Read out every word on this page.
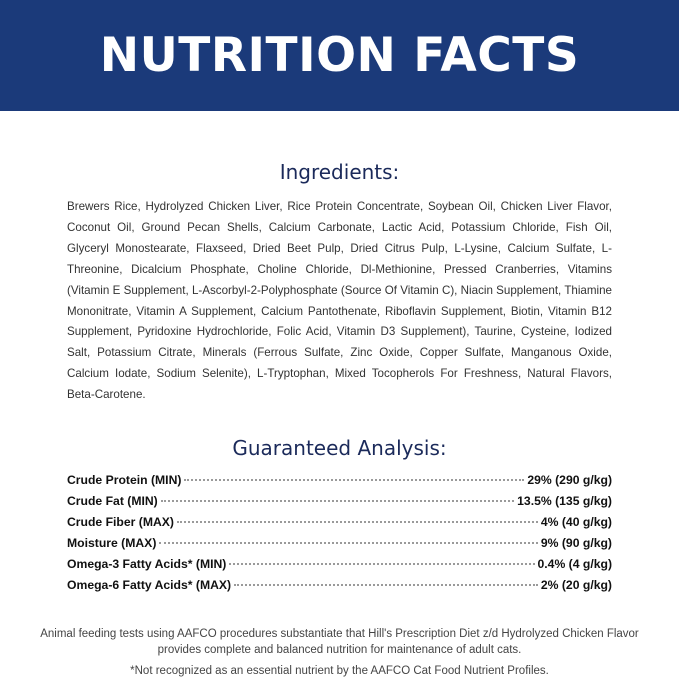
NUTRITION FACTS
Ingredients:

Brewers Rice, Hydrolyzed Chicken Liver, Rice Protein Concentrate, Soybean Oil, Chicken Liver Flavor, Coconut Oil, Ground Pecan Shells, Calcium Carbonate, Lactic Acid, Potassium Chloride, Fish Oil, Glyceryl Monostearate, Flaxseed, Dried Beet Pulp, Dried Citrus Pulp, L-Lysine, Calcium Sulfate, L-Threonine, Dicalcium Phosphate, Choline Chloride, Dl-Methionine, Pressed Cranberries, Vitamins (Vitamin E Supplement, L-Ascorbyl-2-Polyphosphate (Source Of Vitamin C), Niacin Supplement, Thiamine Mononitrate, Vitamin A Supplement, Calcium Pantothenate, Riboflavin Supplement, Biotin, Vitamin B12 Supplement, Pyridoxine Hydrochloride, Folic Acid, Vitamin D3 Supplement), Taurine, Cysteine, Iodized Salt, Potassium Citrate, Minerals (Ferrous Sulfate, Zinc Oxide, Copper Sulfate, Manganous Oxide, Calcium Iodate, Sodium Selenite), L-Tryptophan, Mixed Tocopherols For Freshness, Natural Flavors, Beta-Carotene.

Guaranteed Analysis:
Crude Protein (MIN)	29% (290 g/kg)
Crude Fat (MIN)	13.5% (135 g/kg)
Crude Fiber (MAX)	4% (40 g/kg)
Moisture (MAX)	9% (90 g/kg)
Omega-3 Fatty Acids* (MIN)	0.4% (4 g/kg)
Omega-6 Fatty Acids* (MAX)	2% (20 g/kg)

Animal feeding tests using AAFCO procedures substantiate that Hill's Prescription Diet z/d Hydrolyzed Chicken Flavor provides complete and balanced nutrition for maintenance of adult cats.

*Not recognized as an essential nutrient by the AAFCO Cat Food Nutrient Profiles.
